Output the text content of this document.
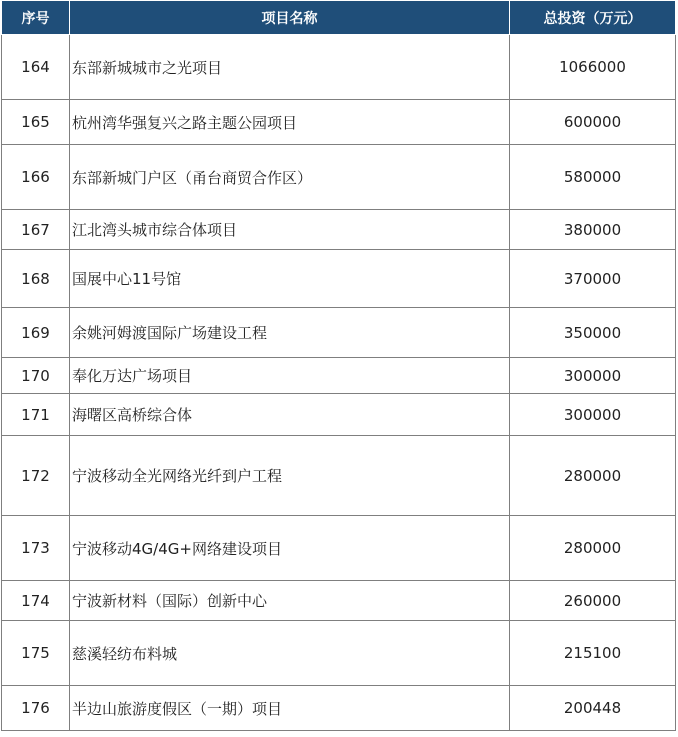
序号	项目名称	总投资（万元）
164	东部新城城市之光项目	1066000
165	杭州湾华强复兴之路主题公园项目	600000
166	东部新城门户区（甬台商贸合作区）	580000
167	江北湾头城市综合体项目	380000
168	国展中心11号馆	370000
169	余姚河姆渡国际广场建设工程	350000
170	奉化万达广场项目	300000
171	海曙区高桥综合体	300000
172	宁波移动全光网络光纤到户工程	280000
173	宁波移动4G/4G+网络建设项目	280000
174	宁波新材料（国际）创新中心	260000
175	慈溪轻纺布料城	215100
176	半边山旅游度假区（一期）项目	200448
